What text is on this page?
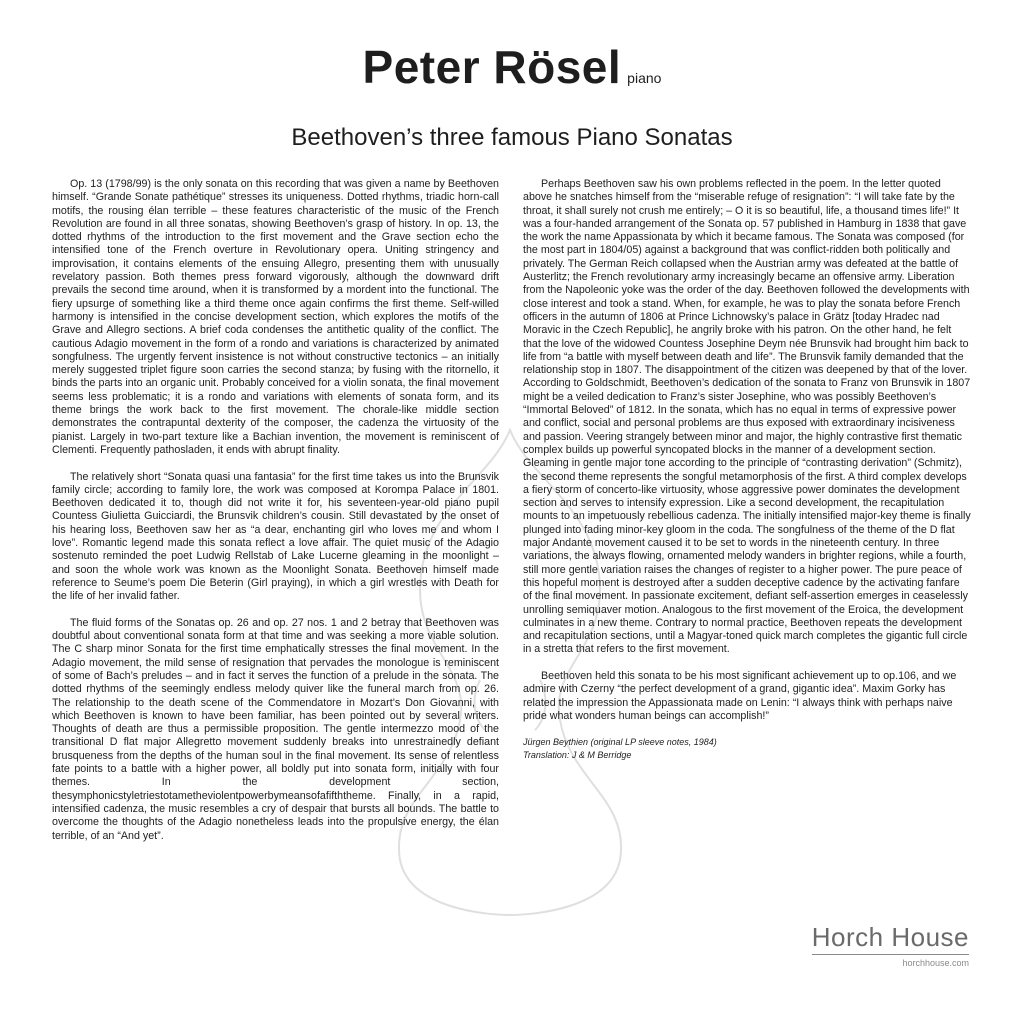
Peter Rösel piano
Beethoven’s three famous Piano Sonatas

Op. 13 (1798/99) is the only sonata on this recording that was given a name by Beethoven himself. “Grande Sonate pathétique” stresses its uniqueness. Dotted rhythms, triadic horn-call motifs, the rousing élan terrible – these features characteristic of the music of the French Revolution are found in all three sonatas, showing Beethoven’s grasp of history. In op. 13, the dotted rhythms of the introduction to the first movement and the Grave section echo the intensified tone of the French overture in Revolutionary opera. Uniting stringency and improvisation, it contains elements of the ensuing Allegro, presenting them with unusually revelatory passion. Both themes press forward vigorously, although the downward drift prevails the second time around, when it is transformed by a mordent into the functional. The fiery upsurge of something like a third theme once again confirms the first theme. Self-willed harmony is intensified in the concise development section, which explores the motifs of the Grave and Allegro sections. A brief coda condenses the antithetic quality of the conflict. The cautious Adagio movement in the form of a rondo and variations is characterized by animated songfulness. The urgently fervent insistence is not without constructive tectonics – an initially merely suggested triplet figure soon carries the second stanza; by fusing with the ritornello, it binds the parts into an organic unit. Probably conceived for a violin sonata, the final movement seems less problematic; it is a rondo and variations with elements of sonata form, and its theme brings the work back to the first movement. The chorale-like middle section demonstrates the contrapuntal dexterity of the composer, the cadenza the virtuosity of the pianist. Largely in two-part texture like a Bachian invention, the movement is reminiscent of Clementi. Frequently pathosladen, it ends with abrupt finality.

The relatively short “Sonata quasi una fantasia” for the first time takes us into the Brunsvik family circle; according to family lore, the work was composed at Korompa Palace in 1801. Beethoven dedicated it to, though did not write it for, his seventeen-year-old piano pupil Countess Giulietta Guicciardi, the Brunsvik children’s cousin. Still devastated by the onset of his hearing loss, Beethoven saw her as “a dear, enchanting girl who loves me and whom I love”. Romantic legend made this sonata reflect a love affair. The quiet music of the Adagio sostenuto reminded the poet Ludwig Rellstab of Lake Lucerne gleaming in the moonlight – and soon the whole work was known as the Moonlight Sonata. Beethoven himself made reference to Seume’s poem Die Beterin (Girl praying), in which a girl wrestles with Death for the life of her invalid father.

The fluid forms of the Sonatas op. 26 and op. 27 nos. 1 and 2 betray that Beethoven was doubtful about conventional sonata form at that time and was seeking a more viable solution. The C sharp minor Sonata for the first time emphatically stresses the final movement. In the Adagio movement, the mild sense of resignation that pervades the monologue is reminiscent of some of Bach’s preludes – and in fact it serves the function of a prelude in the sonata. The dotted rhythms of the seemingly endless melody quiver like the funeral march from op. 26. The relationship to the death scene of the Commendatore in Mozart’s Don Giovanni, with which Beethoven is known to have been familiar, has been pointed out by several writers. Thoughts of death are thus a permissible proposition. The gentle intermezzo mood of the transitional D flat major Allegretto movement suddenly breaks into unrestrainedly defiant brusqueness from the depths of the human soul in the final movement. Its sense of relentless fate points to a battle with a higher power, all boldly put into sonata form, initially with four themes. In the development section, thesymphonicstyletriestotametheviolentpowerbymeansofafifththeme. Finally, in a rapid, intensified cadenza, the music resembles a cry of despair that bursts all bounds. The battle to overcome the thoughts of the Adagio nonetheless leads into the propulsive energy, the élan terrible, of an “And yet”.

Perhaps Beethoven saw his own problems reflected in the poem. In the letter quoted above he snatches himself from the “miserable refuge of resignation”: “I will take fate by the throat, it shall surely not crush me entirely; – O it is so beautiful, life, a thousand times life!” It was a four-handed arrangement of the Sonata op. 57 published in Hamburg in 1838 that gave the work the name Appassionata by which it became famous. The Sonata was composed (for the most part in 1804/05) against a background that was conflict-ridden both politically and privately. The German Reich collapsed when the Austrian army was defeated at the battle of Austerlitz; the French revolutionary army increasingly became an offensive army. Liberation from the Napoleonic yoke was the order of the day. Beethoven followed the developments with close interest and took a stand. When, for example, he was to play the sonata before French officers in the autumn of 1806 at Prince Lichnowsky’s palace in Grätz [today Hradec nad Moravic in the Czech Republic], he angrily broke with his patron. On the other hand, he felt that the love of the widowed Countess Josephine Deym née Brunsvik had brought him back to life from “a battle with myself between death and life”. The Brunsvik family demanded that the relationship stop in 1807. The disappointment of the citizen was deepened by that of the lover. According to Goldschmidt, Beethoven’s dedication of the sonata to Franz von Brunsvik in 1807 might be a veiled dedication to Franz’s sister Josephine, who was possibly Beethoven’s “Immortal Beloved” of 1812. In the sonata, which has no equal in terms of expressive power and conflict, social and personal problems are thus exposed with extraordinary incisiveness and passion. Veering strangely between minor and major, the highly contrastive first thematic complex builds up powerful syncopated blocks in the manner of a development section. Gleaming in gentle major tone according to the principle of “contrasting derivation” (Schmitz), the second theme represents the songful metamorphosis of the first. A third complex develops a fiery storm of concerto-like virtuosity, whose aggressive power dominates the development section and serves to intensify expression. Like a second development, the recapitulation mounts to an impetuously rebellious cadenza. The initially intensified major-key theme is finally plunged into fading minor-key gloom in the coda. The songfulness of the theme of the D flat major Andante movement caused it to be set to words in the nineteenth century. In three variations, the always flowing, ornamented melody wanders in brighter regions, while a fourth, still more gentle variation raises the changes of register to a higher power. The pure peace of this hopeful moment is destroyed after a sudden deceptive cadence by the activating fanfare of the final movement. In passionate excitement, defiant self-assertion emerges in ceaselessly unrolling semiquaver motion. Analogous to the first movement of the Eroica, the development culminates in a new theme. Contrary to normal practice, Beethoven repeats the development and recapitulation sections, until a Magyar-toned quick march completes the gigantic full circle in a stretta that refers to the first movement.

Beethoven held this sonata to be his most significant achievement up to op.106, and we admire with Czerny “the perfect development of a grand, gigantic idea”. Maxim Gorky has related the impression the Appassionata made on Lenin: “I always think with perhaps naive pride what wonders human beings can accomplish!”

Jürgen Beythien (original LP sleeve notes, 1984)
Translation: J & M Berridge
Horch House
horchhouse.com
